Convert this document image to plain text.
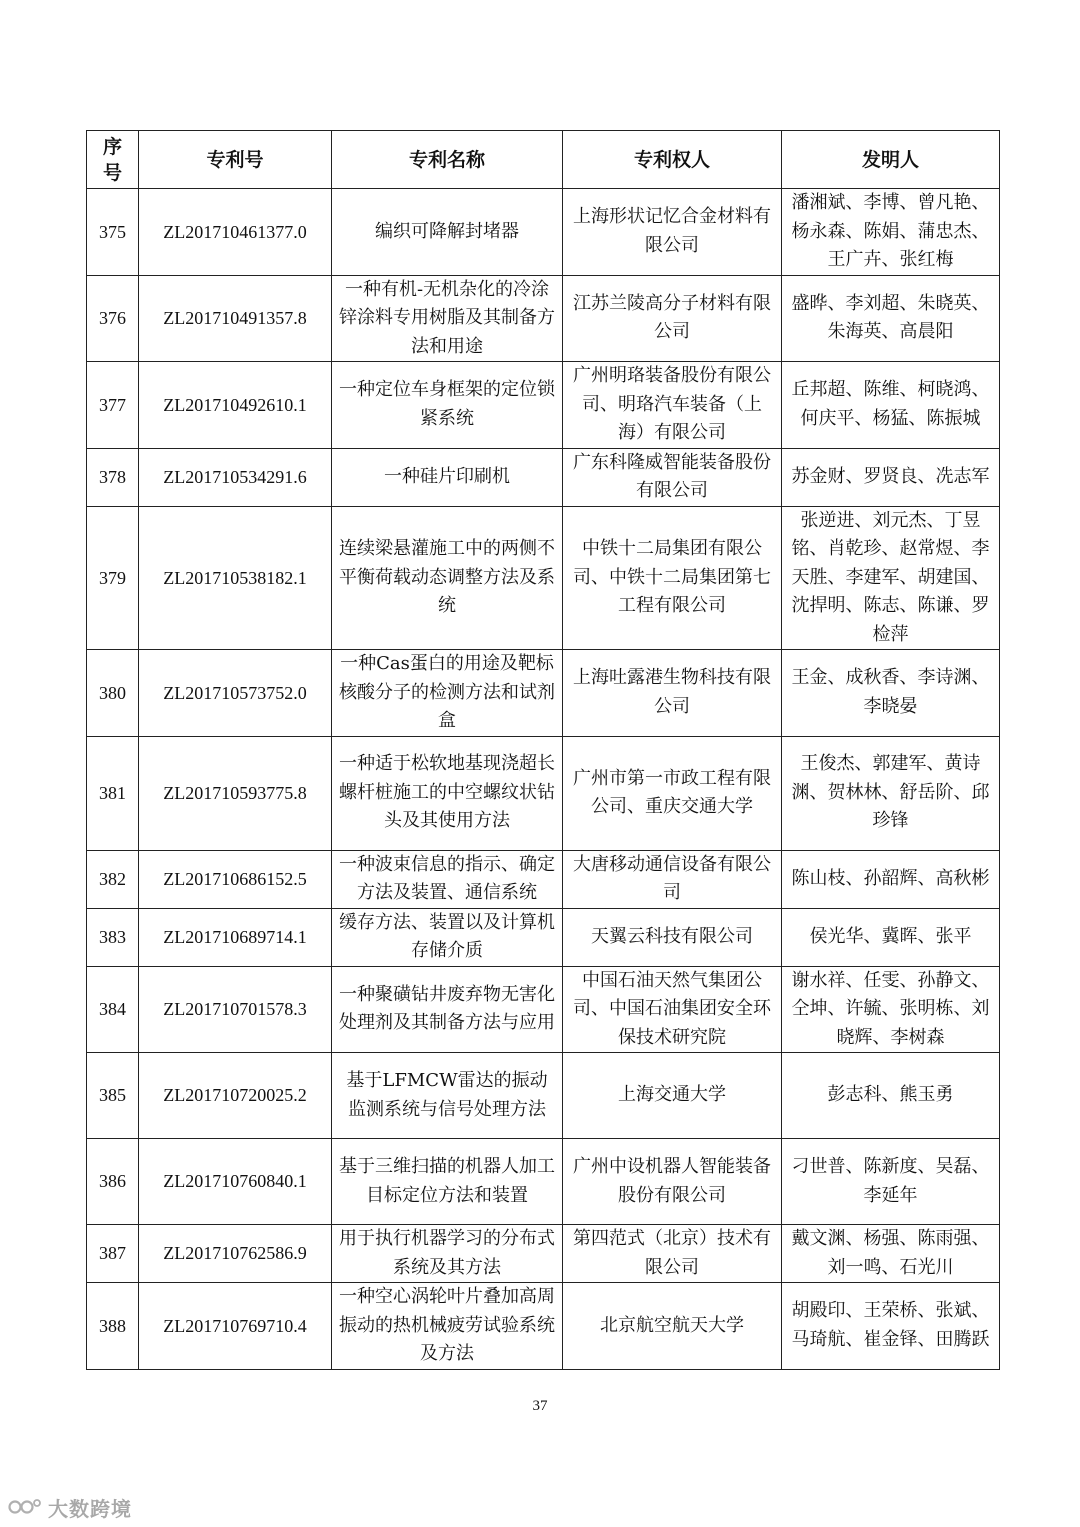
序
号	专利号	专利名称	专利权人	发明人
375	ZL201710461377.0	编织可降解封堵器	上海形状记忆合金材料有限公司	潘湘斌、李博、曾凡艳、杨永森、陈娟、蒲忠杰、王广卉、张红梅
376	ZL201710491357.8	一种有机-无机杂化的冷涂锌涂料专用树脂及其制备方法和用途	江苏兰陵高分子材料有限公司	盛晔、李刘超、朱晓英、朱海英、高晨阳
377	ZL201710492610.1	一种定位车身框架的定位锁紧系统	广州明珞装备股份有限公司、明珞汽车装备（上海）有限公司	丘邦超、陈维、柯晓鸿、何庆平、杨猛、陈振城
378	ZL201710534291.6	一种硅片印刷机	广东科隆威智能装备股份有限公司	苏金财、罗贤良、冼志军
379	ZL201710538182.1	连续梁悬灌施工中的两侧不平衡荷载动态调整方法及系统	中铁十二局集团有限公司、中铁十二局集团第七工程有限公司	张逆进、刘元杰、丁昱铭、肖乾珍、赵常煜、李天胜、李建军、胡建国、沈捍明、陈志、陈谦、罗检萍
380	ZL201710573752.0	一种Cas蛋白的用途及靶标核酸分子的检测方法和试剂盒	上海吐露港生物科技有限公司	王金、成秋香、李诗渊、李晓晏
381	ZL201710593775.8	一种适于松软地基现浇超长螺杆桩施工的中空螺纹状钻头及其使用方法	广州市第一市政工程有限公司、重庆交通大学	王俊杰、郭建军、黄诗渊、贺林林、舒岳阶、邱珍锋
382	ZL201710686152.5	一种波束信息的指示、确定方法及装置、通信系统	大唐移动通信设备有限公司	陈山枝、孙韶辉、高秋彬
383	ZL201710689714.1	缓存方法、装置以及计算机存储介质	天翼云科技有限公司	侯光华、冀晖、张平
384	ZL201710701578.3	一种聚磺钻井废弃物无害化处理剂及其制备方法与应用	中国石油天然气集团公司、中国石油集团安全环保技术研究院	谢水祥、任雯、孙静文、仝坤、许毓、张明栋、刘晓辉、李树森
385	ZL201710720025.2	基于LFMCW雷达的振动监测系统与信号处理方法	上海交通大学	彭志科、熊玉勇
386	ZL201710760840.1	基于三维扫描的机器人加工目标定位方法和装置	广州中设机器人智能装备股份有限公司	刁世普、陈新度、吴磊、李延年
387	ZL201710762586.9	用于执行机器学习的分布式系统及其方法	第四范式（北京）技术有限公司	戴文渊、杨强、陈雨强、刘一鸣、石光川
388	ZL201710769710.4	一种空心涡轮叶片叠加高周振动的热机械疲劳试验系统及方法	北京航空航天大学	胡殿印、王荣桥、张斌、马琦航、崔金铎、田腾跃
37
大数跨境
